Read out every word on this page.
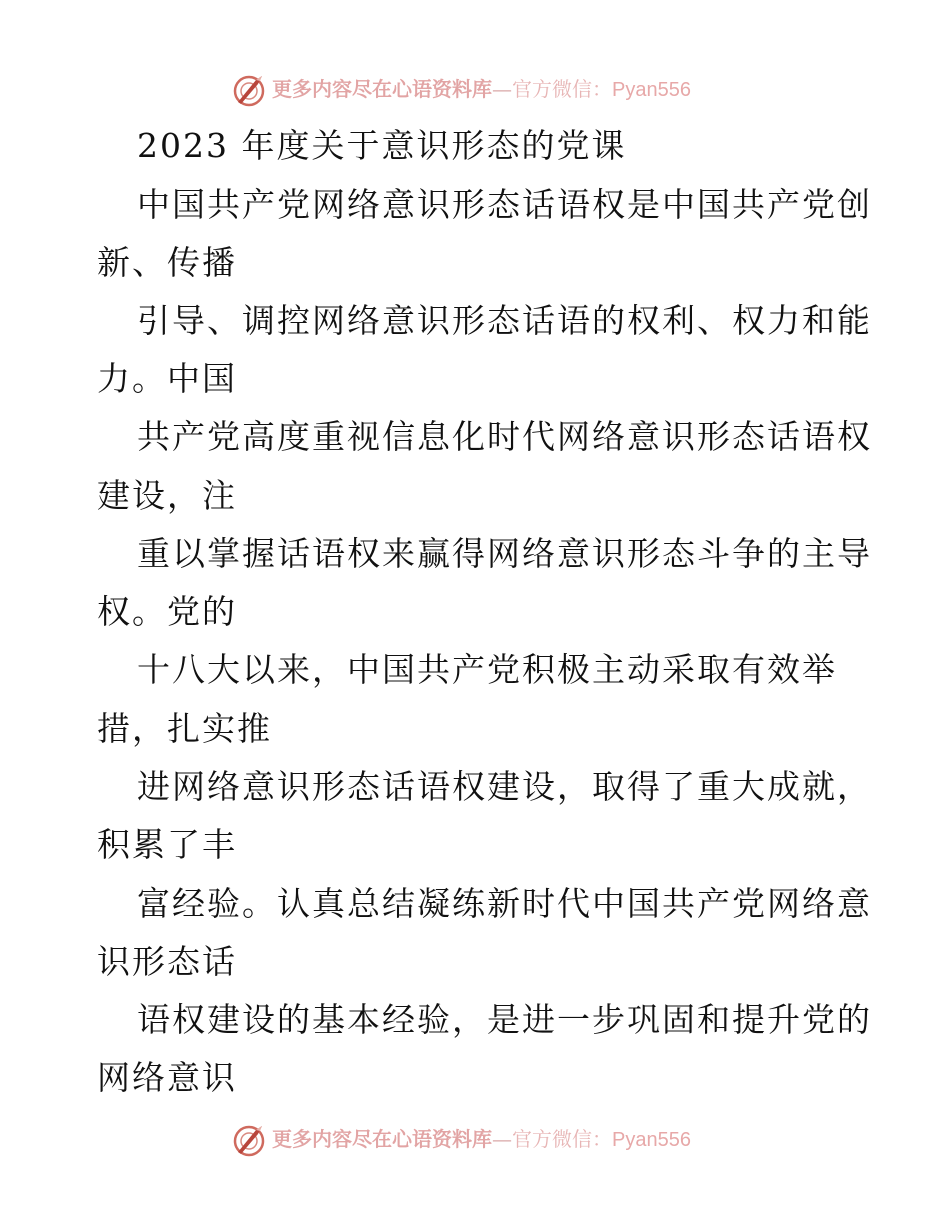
更多内容尽在心语资料库—官方微信：Pyan556
2023 年度关于意识形态的党课
中国共产党网络意识形态话语权是中国共产党创
新、传播
引导、调控网络意识形态话语的权利、权力和能
力。中国
共产党高度重视信息化时代网络意识形态话语权
建设，注
重以掌握话语权来赢得网络意识形态斗争的主导
权。党的
十八大以来，中国共产党积极主动采取有效举
措，扎实推
进网络意识形态话语权建设，取得了重大成就，
积累了丰
富经验。认真总结凝练新时代中国共产党网络意
识形态话
语权建设的基本经验，是进一步巩固和提升党的
网络意识
更多内容尽在心语资料库—官方微信：Pyan556
